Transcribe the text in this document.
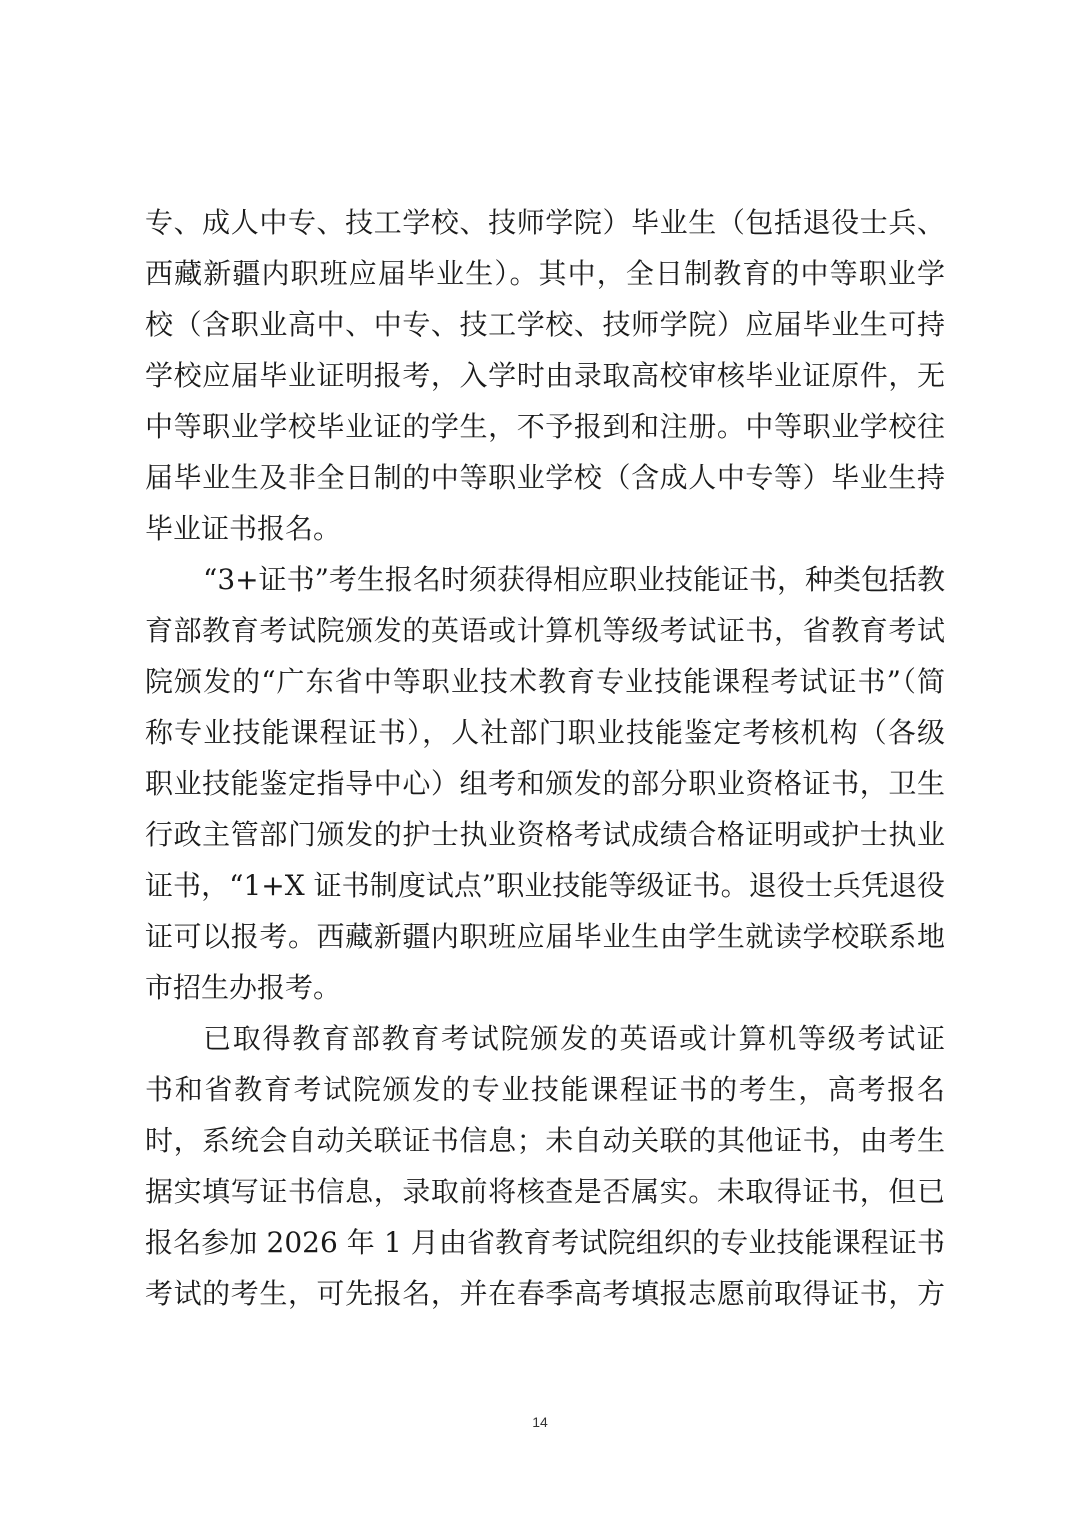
专、成人中专、技工学校、技师学院）毕业生（包括退役士兵、
西藏新疆内职班应届毕业生）。其中，全日制教育的中等职业学
校（含职业高中、中专、技工学校、技师学院）应届毕业生可持
学校应届毕业证明报考，入学时由录取高校审核毕业证原件，无
中等职业学校毕业证的学生，不予报到和注册。中等职业学校往
届毕业生及非全日制的中等职业学校（含成人中专等）毕业生持
毕业证书报名。
“3+证书”考生报名时须获得相应职业技能证书，种类包括教
育部教育考试院颁发的英语或计算机等级考试证书，省教育考试
院颁发的“广东省中等职业技术教育专业技能课程考试证书”（简
称专业技能课程证书），人社部门职业技能鉴定考核机构（各级
职业技能鉴定指导中心）组考和颁发的部分职业资格证书，卫生
行政主管部门颁发的护士执业资格考试成绩合格证明或护士执业
证书，“1+X 证书制度试点”职业技能等级证书。退役士兵凭退役
证可以报考。西藏新疆内职班应届毕业生由学生就读学校联系地
市招生办报考。
已取得教育部教育考试院颁发的英语或计算机等级考试证
书和省教育考试院颁发的专业技能课程证书的考生，高考报名
时，系统会自动关联证书信息；未自动关联的其他证书，由考生
据实填写证书信息，录取前将核查是否属实。未取得证书，但已
报名参加 2026 年 1 月由省教育考试院组织的专业技能课程证书
考试的考生，可先报名，并在春季高考填报志愿前取得证书，方
14
